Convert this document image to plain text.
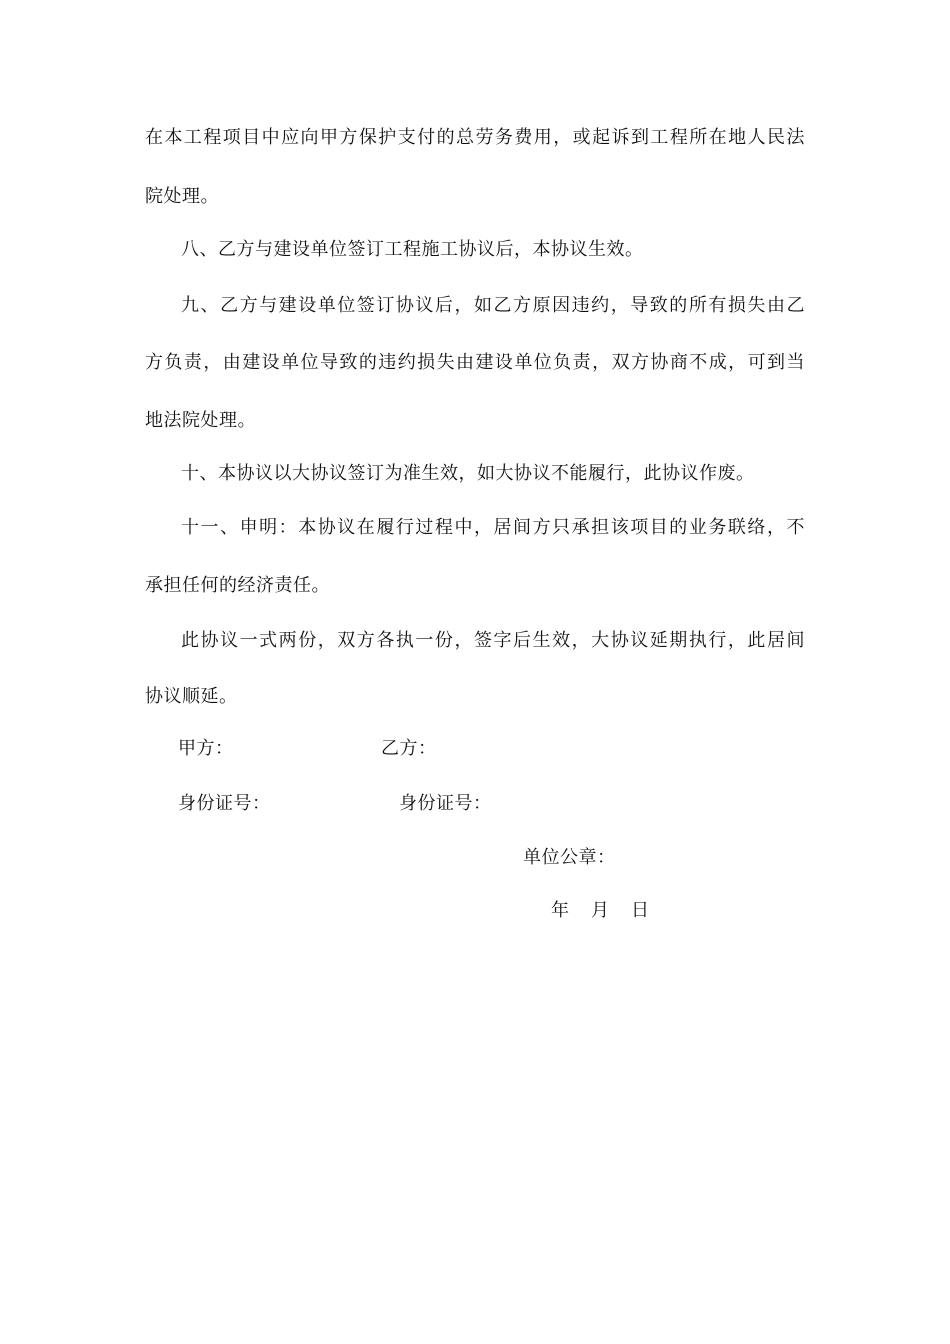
在本工程项目中应向甲方保护支付的总劳务费用，或起诉到工程所在地人民法
院处理。
八、乙方与建设单位签订工程施工协议后，本协议生效。
九、乙方与建设单位签订协议后，如乙方原因违约，导致的所有损失由乙
方负责，由建设单位导致的违约损失由建设单位负责，双方协商不成，可到当
地法院处理。
十、本协议以大协议签订为准生效，如大协议不能履行，此协议作废。
十一、申明：本协议在履行过程中，居间方只承担该项目的业务联络，不
承担任何的经济责任。
此协议一式两份，双方各执一份，签字后生效，大协议延期执行，此居间
协议顺延。
甲方：	乙方：
身份证号：	身份证号：
单位公章：
年　月　日
